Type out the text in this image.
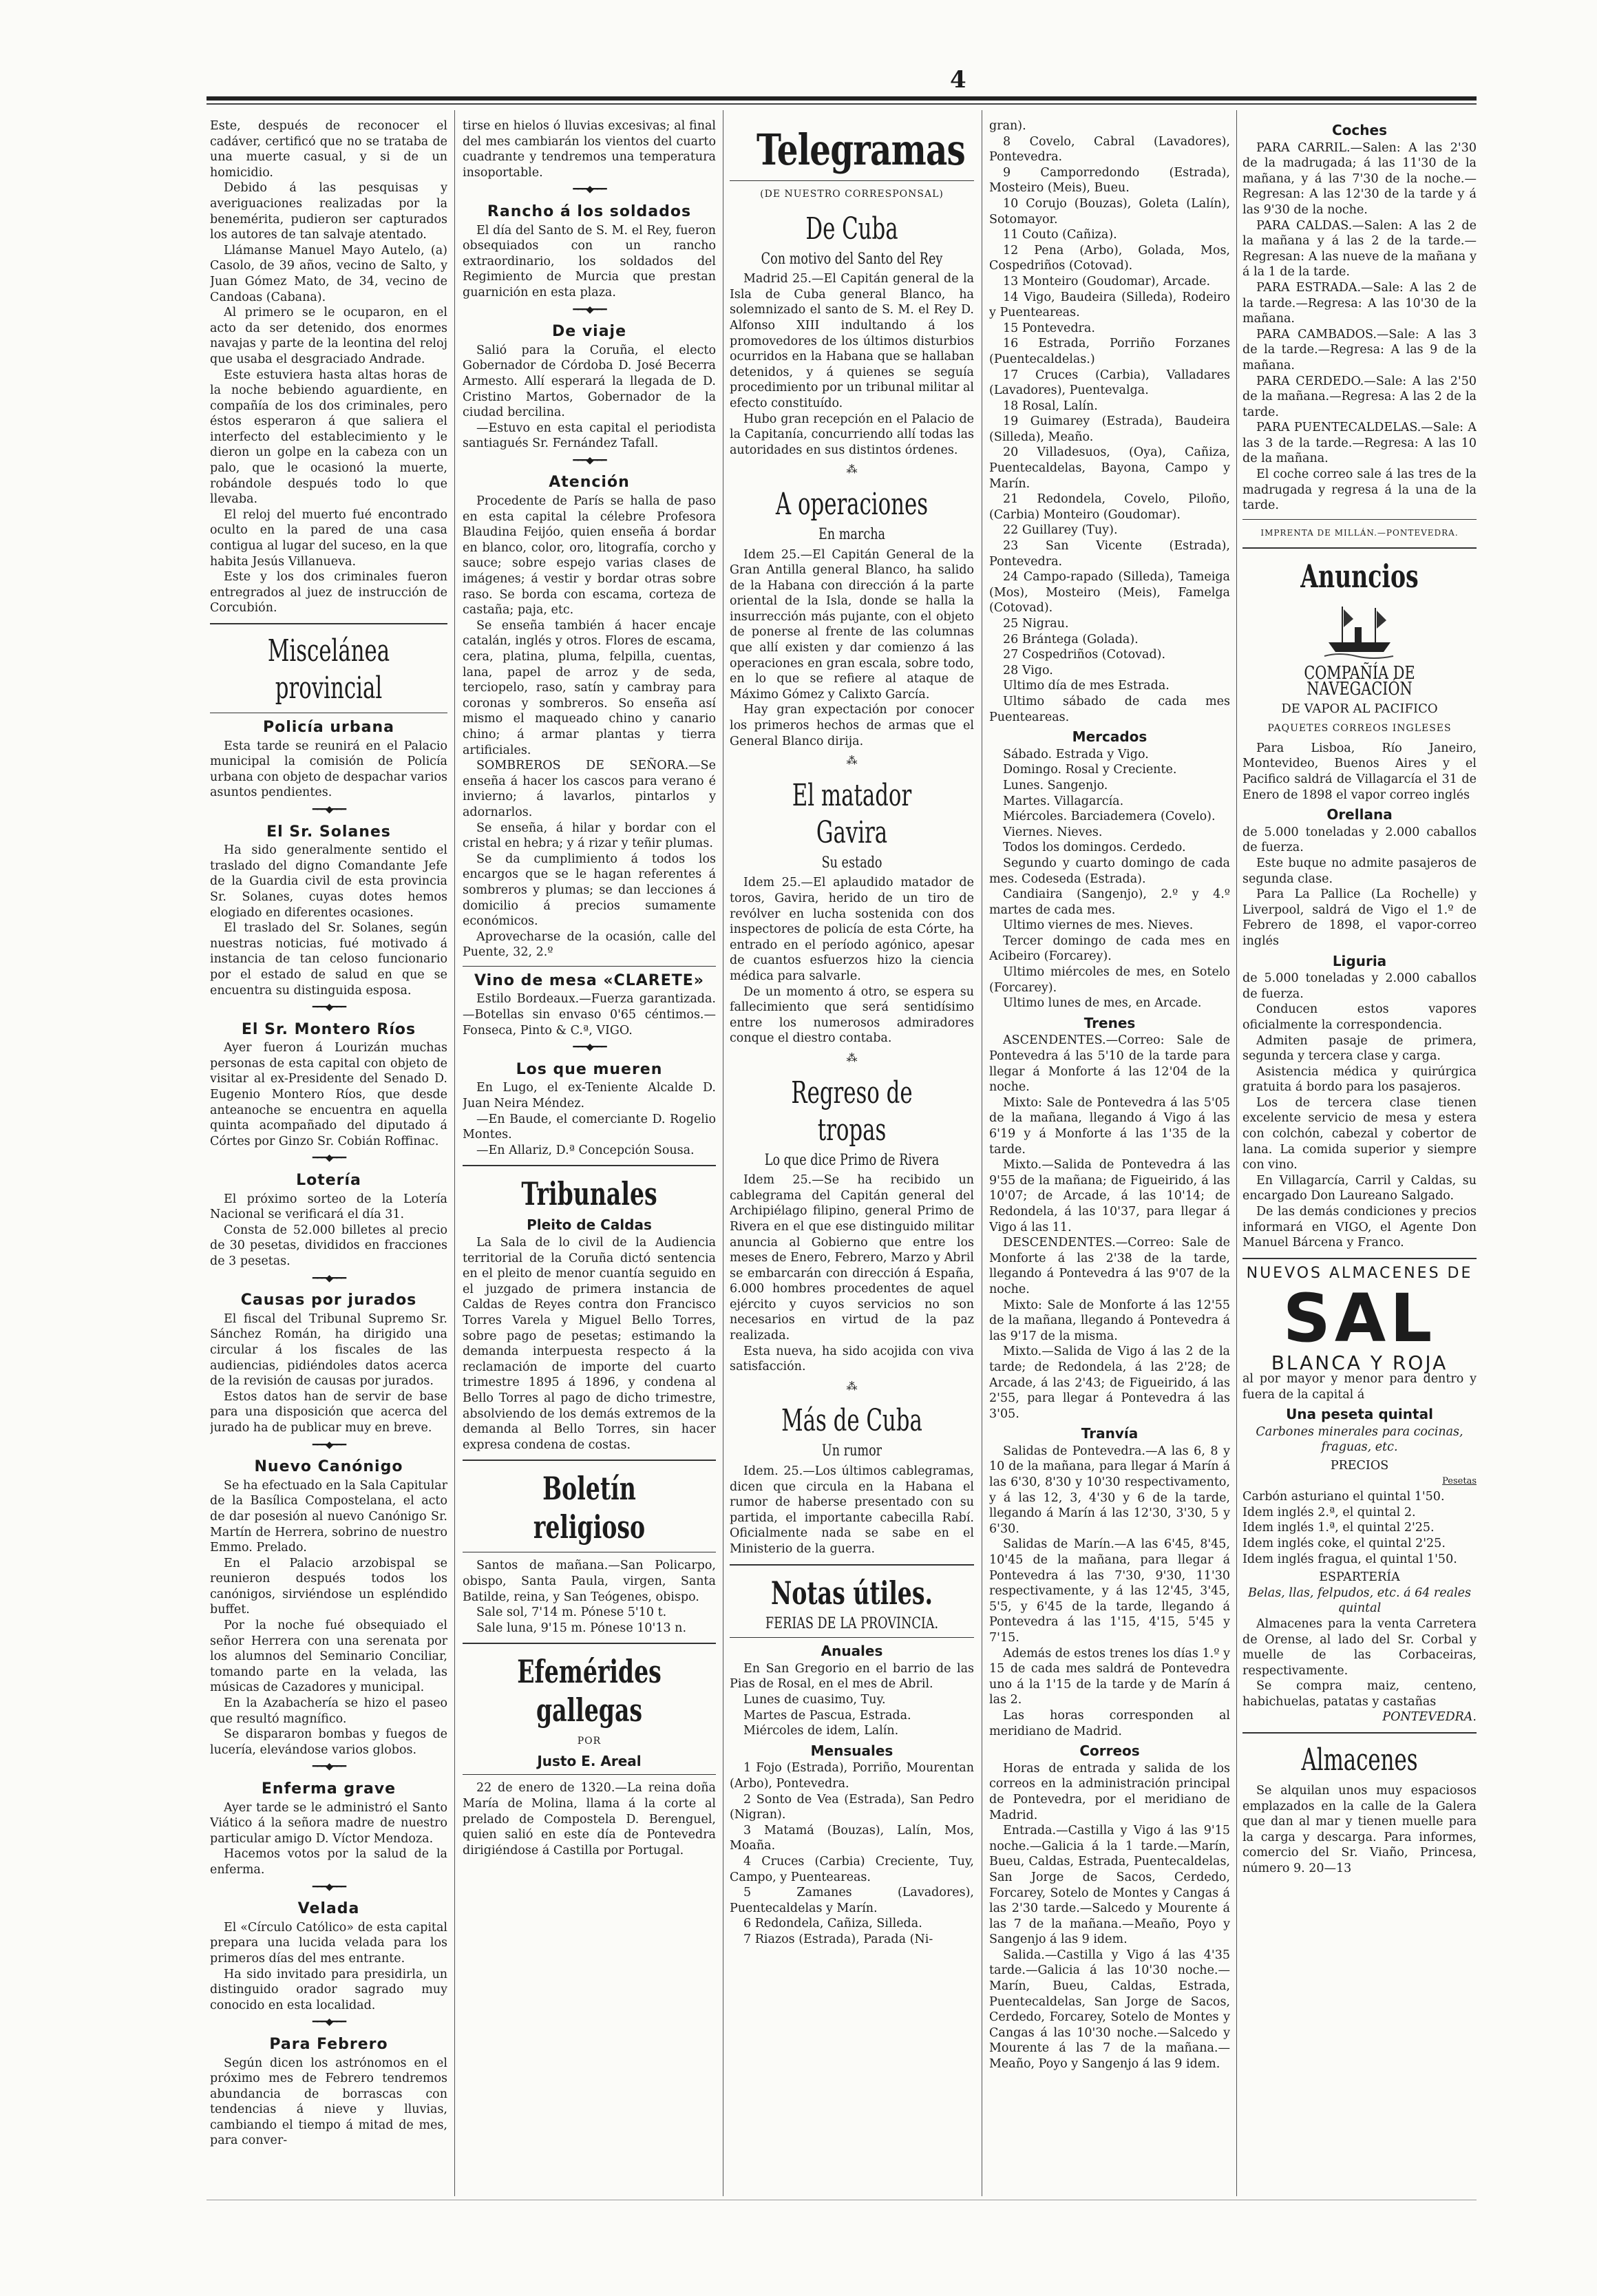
4

Este, después de reconocer el cadáver, certificó que no se trataba de una muerte casual, y si de un homicidio.

Debido á las pesquisas y averiguaciones realizadas por la benemérita, pudieron ser capturados los autores de tan salvaje atentado.

Llámanse Manuel Mayo Autelo, (a) Casolo, de 39 años, vecino de Salto, y Juan Gómez Mato, de 34, vecino de Candoas (Cabana).

Al primero se le ocuparon, en el acto da ser detenido, dos enormes navajas y parte de la leontina del reloj que usaba el desgraciado Andrade.

Este estuviera hasta altas horas de la noche bebiendo aguardiente, en compañía de los dos criminales, pero éstos esperaron á que saliera el interfecto del establecimiento y le dieron un golpe en la cabeza con un palo, que le ocasionó la muerte, robándole después todo lo que llevaba.

El reloj del muerto fué encontrado oculto en la pared de una casa contigua al lugar del suceso, en la que habita Jesús Villanueva.

Este y los dos criminales fueron entregrados al juez de instrucción de Corcubión.

Miscelánea provincial
Policía urbana

Esta tarde se reunirá en el Palacio municipal la comisión de Policía urbana con objeto de despachar varios asuntos pendientes.

━━━◆━━━
El Sr. Solanes

Ha sido generalmente sentido el traslado del digno Comandante Jefe de la Guardia civil de esta provincia Sr. Solanes, cuyas dotes hemos elogiado en diferentes ocasiones.

El traslado del Sr. Solanes, según nuestras noticias, fué motivado á instancia de tan celoso funcionario por el estado de salud en que se encuentra su distinguida esposa.

━━━◆━━━
El Sr. Montero Ríos

Ayer fueron á Lourizán muchas personas de esta capital con objeto de visitar al ex-Presidente del Senado D. Eugenio Montero Ríos, que desde anteanoche se encuentra en aquella quinta acompañado del diputado á Córtes por Ginzo Sr. Cobián Roffinac.

━━━◆━━━
Lotería

El próximo sorteo de la Lotería Nacional se verificará el día 31.

Consta de 52.000 billetes al precio de 30 pesetas, divididos en fracciones de 3 pesetas.

━━━◆━━━
Causas por jurados

El fiscal del Tribunal Supremo Sr. Sánchez Román, ha dirigido una circular á los fiscales de las audiencias, pidiéndoles datos acerca de la revisión de causas por jurados.

Estos datos han de servir de base para una disposición que acerca del jurado ha de publicar muy en breve.

━━━◆━━━
Nuevo Canónigo

Se ha efectuado en la Sala Capitular de la Basílica Compostelana, el acto de dar posesión al nuevo Canónigo Sr. Martín de Herrera, sobrino de nuestro Emmo. Prelado.

En el Palacio arzobispal se reunieron después todos los canónigos, sirviéndose un espléndido buffet.

Por la noche fué obsequiado el señor Herrera con una serenata por los alumnos del Seminario Conciliar, tomando parte en la velada, las músicas de Cazadores y municipal.

En la Azabachería se hizo el paseo que resultó magnífico.

Se dispararon bombas y fuegos de lucería, elevándose varios globos.

━━━◆━━━
Enferma grave

Ayer tarde se le administró el Santo Viático á la señora madre de nuestro particular amigo D. Víctor Mendoza.

Hacemos votos por la salud de la enferma.

━━━◆━━━
Velada

El «Círculo Católico» de esta capital prepara una lucida velada para los primeros días del mes entrante.

Ha sido invitado para presidirla, un distinguido orador sagrado muy conocido en esta localidad.

━━━◆━━━
Para Febrero

Según dicen los astrónomos en el próximo mes de Febrero tendremos abundancia de borrascas con tendencias á nieve y lluvias, cambiando el tiempo á mitad de mes, para conver-

tirse en hielos ó lluvias excesivas; al final del mes cambiarán los vientos del cuarto cuadrante y tendremos una temperatura insoportable.

━━━◆━━━
Rancho á los soldados

El día del Santo de S. M. el Rey, fueron obsequiados con un rancho extraordinario, los soldados del Regimiento de Murcia que prestan guarnición en esta plaza.

━━━◆━━━
De viaje

Salió para la Coruña, el electo Gobernador de Córdoba D. José Becerra Armesto. Allí esperará la llegada de D. Cristino Martos, Gobernador de la ciudad bercilina.

—Estuvo en esta capital el periodista santiagués Sr. Fernández Tafall.

━━━◆━━━
Atención

Procedente de París se halla de paso en esta capital la célebre Profesora Blaudina Feijóo, quien enseña á bordar en blanco, color, oro, litografía, corcho y sauce; sobre espejo varias clases de imágenes; á vestir y bordar otras sobre raso. Se borda con escama, corteza de castaña; paja, etc.

Se enseña también á hacer encaje catalán, inglés y otros. Flores de escama, cera, platina, pluma, felpilla, cuentas, lana, papel de arroz y de seda, terciopelo, raso, satín y cambray para coronas y sombreros. So enseña así mismo el maqueado chino y canario chino; á armar plantas y tierra artificiales.

SOMBREROS DE SEÑORA.—Se enseña á hacer los cascos para verano é invierno; á lavarlos, pintarlos y adornarlos.

Se enseña, á hilar y bordar con el cristal en hebra; y á rizar y teñir plumas.

Se da cumplimiento á todos los encargos que se le hagan referentes á sombreros y plumas; se dan lecciones á domicilio á precios sumamente económicos.

Aprovecharse de la ocasión, calle del Puente, 32, 2.º

Vino de mesa «CLARETE»

Estilo Bordeaux.—Fuerza garantizada.—Botellas sin envaso 0'65 céntimos.—Fonseca, Pinto & C.ª, VIGO.

━━━◆━━━
Los que mueren

En Lugo, el ex-Teniente Alcalde D. Juan Neira Méndez.

—En Baude, el comerciante D. Rogelio Montes.

—En Allariz, D.ª Concepción Sousa.

Tribunales
Pleito de Caldas

La Sala de lo civil de la Audiencia territorial de la Coruña dictó sentencia en el pleito de menor cuantía seguido en el juzgado de primera instancia de Caldas de Reyes contra don Francisco Torres Varela y Miguel Bello Torres, sobre pago de pesetas; estimando la demanda interpuesta respecto á la reclamación de importe del cuarto trimestre 1895 á 1896, y condena al Bello Torres al pago de dicho trimestre, absolviendo de los demás extremos de la demanda al Bello Torres, sin hacer expresa condena de costas.

Boletín religioso

Santos de mañana.—San Policarpo, obispo, Santa Paula, virgen, Santa Batilde, reina, y San Teógenes, obispo.

Sale sol, 7'14 m. Pónese 5'10 t.

Sale luna, 9'15 m. Pónese 10'13 n.

Efemérides gallegas
POR
Justo E. Areal

22 de enero de 1320.—La reina doña María de Molina, llama á la corte al prelado de Compostela D. Berenguel, quien salió en este día de Pontevedra dirigiéndose á Castilla por Portugal.

Telegramas
(DE NUESTRO CORRESPONSAL)
De Cuba
Con motivo del Santo del Rey

Madrid 25.—El Capitán general de la Isla de Cuba general Blanco, ha solemnizado el santo de S. M. el Rey D. Alfonso XIII indultando á los promovedores de los últimos disturbios ocurridos en la Habana que se hallaban detenidos, y á quienes se seguía procedimiento por un tribunal militar al efecto constituído.

Hubo gran recepción en el Palacio de la Capitanía, concurriendo allí todas las autoridades en sus distintos órdenes.

⁂
A operaciones
En marcha

Idem 25.—El Capitán General de la Gran Antilla general Blanco, ha salido de la Habana con dirección á la parte oriental de la Isla, donde se halla la insurrección más pujante, con el objeto de ponerse al frente de las columnas que allí existen y dar comienzo á las operaciones en gran escala, sobre todo, en lo que se refiere al ataque de Máximo Gómez y Calixto García.

Hay gran expectación por conocer los primeros hechos de armas que el General Blanco dirija.

⁂
El matador Gavira
Su estado

Idem 25.—El aplaudido matador de toros, Gavira, herido de un tiro de revólver en lucha sostenida con dos inspectores de policía de esta Córte, ha entrado en el período agónico, apesar de cuantos esfuerzos hizo la ciencia médica para salvarle.

De un momento á otro, se espera su fallecimiento que será sentidísimo entre los numerosos admiradores conque el diestro contaba.

⁂
Regreso de tropas
Lo que dice Primo de Rivera

Idem 25.—Se ha recibido un cablegrama del Capitán general del Archipiélago filipino, general Primo de Rivera en el que ese distinguido militar anuncia al Gobierno que entre los meses de Enero, Febrero, Marzo y Abril se embarcarán con dirección á España, 6.000 hombres procedentes de aquel ejército y cuyos servicios no son necesarios en virtud de la paz realizada.

Esta nueva, ha sido acojida con viva satisfacción.

⁂
Más de Cuba
Un rumor

Idem. 25.—Los últimos cablegramas, dicen que circula en la Habana el rumor de haberse presentado con su partida, el importante cabecilla Rabí. Oficialmente nada se sabe en el Ministerio de la guerra.

Notas útiles.
FERIAS DE LA PROVINCIA.
Anuales

En San Gregorio en el barrio de las Pias de Rosal, en el mes de Abril.

Lunes de cuasimo, Tuy.

Martes de Pascua, Estrada.

Miércoles de idem, Lalín.

Mensuales

1 Fojo (Estrada), Porriño, Mourentan (Arbo), Pontevedra.

2 Sonto de Vea (Estrada), San Pedro (Nigran).

3 Matamá (Bouzas), Lalín, Mos, Moaña.

4 Cruces (Carbia) Creciente, Tuy, Campo, y Puenteareas.

5 Zamanes (Lavadores), Puentecaldelas y Marín.

6 Redondela, Cañiza, Silleda.

7 Riazos (Estrada), Parada (Ni-

gran).

8 Covelo, Cabral (Lavadores), Pontevedra.

9 Camporredondo (Estrada), Mosteiro (Meis), Bueu.

10 Corujo (Bouzas), Goleta (Lalín), Sotomayor.

11 Couto (Cañiza).

12 Pena (Arbo), Golada, Mos, Cospedriños (Cotovad).

13 Monteiro (Goudomar), Arcade.

14 Vigo, Baudeira (Silleda), Rodeiro y Puenteareas.

15 Pontevedra.

16 Estrada, Porriño Forzanes (Puentecaldelas.)

17 Cruces (Carbia), Valladares (Lavadores), Puentevalga.

18 Rosal, Lalín.

19 Guimarey (Estrada), Baudeira (Silleda), Meaño.

20 Villadesuos, (Oya), Cañiza, Puentecaldelas, Bayona, Campo y Marín.

21 Redondela, Covelo, Piloño, (Carbia) Monteiro (Goudomar).

22 Guillarey (Tuy).

23 San Vicente (Estrada), Pontevedra.

24 Campo-rapado (Silleda), Tameiga (Mos), Mosteiro (Meis), Famelga (Cotovad).

25 Nigrau.

26 Brántega (Golada).

27 Cospedriños (Cotovad).

28 Vigo.

Ultimo día de mes Estrada.

Ultimo sábado de cada mes Puenteareas.

Mercados

Sábado. Estrada y Vigo.

Domingo. Rosal y Creciente.

Lunes. Sangenjo.

Martes. Villagarcía.

Miércoles. Barciademera (Covelo).

Viernes. Nieves.

Todos los domingos. Cerdedo.

Segundo y cuarto domingo de cada mes. Codeseda (Estrada).

Candiaira (Sangenjo), 2.º y 4.º martes de cada mes.

Ultimo viernes de mes. Nieves.

Tercer domingo de cada mes en Acibeiro (Forcarey).

Ultimo miércoles de mes, en Sotelo (Forcarey).

Ultimo lunes de mes, en Arcade.

Trenes

ASCENDENTES.—Correo: Sale de Pontevedra á las 5'10 de la tarde para llegar á Monforte á las 12'04 de la noche.

Mixto: Sale de Pontevedra á las 5'05 de la mañana, llegando á Vigo á las 6'19 y á Monforte á las 1'35 de la tarde.

Mixto.—Salida de Pontevedra á las 9'55 de la mañana; de Figueirido, á las 10'07; de Arcade, á las 10'14; de Redondela, á las 10'37, para llegar á Vigo á las 11.

DESCENDENTES.—Correo: Sale de Monforte á las 2'38 de la tarde, llegando á Pontevedra á las 9'07 de la noche.

Mixto: Sale de Monforte á las 12'55 de la mañana, llegando á Pontevedra á las 9'17 de la misma.

Mixto.—Salida de Vigo á las 2 de la tarde; de Redondela, á las 2'28; de Arcade, á las 2'43; de Figueirido, á las 2'55, para llegar á Pontevedra á las 3'05.

Tranvía

Salidas de Pontevedra.—A las 6, 8 y 10 de la mañana, para llegar á Marín á las 6'30, 8'30 y 10'30 respectivamento, y á las 12, 3, 4'30 y 6 de la tarde, llegando á Marín á las 12'30, 3'30, 5 y 6'30.

Salidas de Marín.—A las 6'45, 8'45, 10'45 de la mañana, para llegar á Pontevedra á las 7'30, 9'30, 11'30 respectivamente, y á las 12'45, 3'45, 5'5, y 6'45 de la tarde, llegando á Pontevedra á las 1'15, 4'15, 5'45 y 7'15.

Además de estos trenes los días 1.º y 15 de cada mes saldrá de Pontevedra uno á la 1'15 de la tarde y de Marín á las 2.

Las horas corresponden al meridiano de Madrid.

Correos

Horas de entrada y salida de los correos en la administración principal de Pontevedra, por el meridiano de Madrid.

Entrada.—Castilla y Vigo á las 9'15 noche.—Galicia á la 1 tarde.—Marín, Bueu, Caldas, Estrada, Puentecaldelas, San Jorge de Sacos, Cerdedo, Forcarey, Sotelo de Montes y Cangas á las 2'30 tarde.—Salcedo y Mourente á las 7 de la mañana.—Meaño, Poyo y Sangenjo á las 9 idem.

Salida.—Castilla y Vigo á las 4'35 tarde.—Galicia á las 10'30 noche.—Marín, Bueu, Caldas, Estrada, Puentecaldelas, San Jorge de Sacos, Cerdedo, Forcarey, Sotelo de Montes y Cangas á las 10'30 noche.—Salcedo y Mourente á las 7 de la mañana.—Meaño, Poyo y Sangenjo á las 9 idem.

Coches

PARA CARRIL.—Salen: A las 2'30 de la madrugada; á las 11'30 de la mañana, y á las 7'30 de la noche.—Regresan: A las 12'30 de la tarde y á las 9'30 de la noche.

PARA CALDAS.—Salen: A las 2 de la mañana y á las 2 de la tarde.—Regresan: A las nueve de la mañana y á la 1 de la tarde.

PARA ESTRADA.—Sale: A las 2 de la tarde.—Regresa: A las 10'30 de la mañana.

PARA CAMBADOS.—Sale: A las 3 de la tarde.—Regresa: A las 9 de la mañana.

PARA CERDEDO.—Sale: A las 2'50 de la mañana.—Regresa: A las 2 de la tarde.

PARA PUENTECALDELAS.—Sale: A las 3 de la tarde.—Regresa: A las 10 de la mañana.

El coche correo sale á las tres de la madrugada y regresa á la una de la tarde.

IMPRENTA DE MILLÁN.—PONTEVEDRA.
Anuncios
COMPAÑÍA DE NAVEGACIÓN
DE VAPOR AL PACIFICO
PAQUETES CORREOS INGLESES

Para Lisboa, Río Janeiro, Montevideo, Buenos Aires y el Pacifico saldrá de Villagarcía el 31 de Enero de 1898 el vapor correo inglés

Orellana

de 5.000 toneladas y 2.000 caballos de fuerza.

Este buque no admite pasajeros de segunda clase.

Para La Pallice (La Rochelle) y Liverpool, saldrá de Vigo el 1.º de Febrero de 1898, el vapor-correo inglés

Liguria

de 5.000 toneladas y 2.000 caballos de fuerza.

Conducen estos vapores oficialmente la correspondencia.

Admiten pasaje de primera, segunda y tercera clase y carga.

Asistencia médica y quirúrgica gratuita á bordo para los pasajeros.

Los de tercera clase tienen excelente servicio de mesa y estera con colchón, cabezal y cobertor de lana. La comida superior y siempre con vino.

En Villagarcía, Carril y Caldas, su encargado Don Laureano Salgado.

De las demás condiciones y precios informará en VIGO, el Agente Don Manuel Bárcena y Franco.

NUEVOS ALMACENES DE
SAL
BLANCA Y ROJA

al por mayor y menor para dentro y fuera de la capital á

Una peseta quintal
Carbones minerales para cocinas, fraguas, etc.
PRECIOS
Pesetas

Carbón asturiano el quintal 1'50.

Idem inglés 2.ª, el quintal 2.

Idem inglés 1.ª, el quintal 2'25.

Idem inglés coke, el quintal 2'25.

Idem inglés fragua, el quintal 1'50.

ESPARTERÍA
Belas, llas, felpudos, etc. á 64 reales quintal

Almacenes para la venta Carretera de Orense, al lado del Sr. Corbal y muelle de las Corbaceiras, respectivamente.

Se compra maiz, centeno, habichuelas, patatas y castañas

PONTEVEDRA.
Almacenes

Se alquilan unos muy espaciosos emplazados en la calle de la Galera que dan al mar y tienen muelle para la carga y descarga. Para informes, comercio del Sr. Viaño, Princesa, número 9. 20—13
